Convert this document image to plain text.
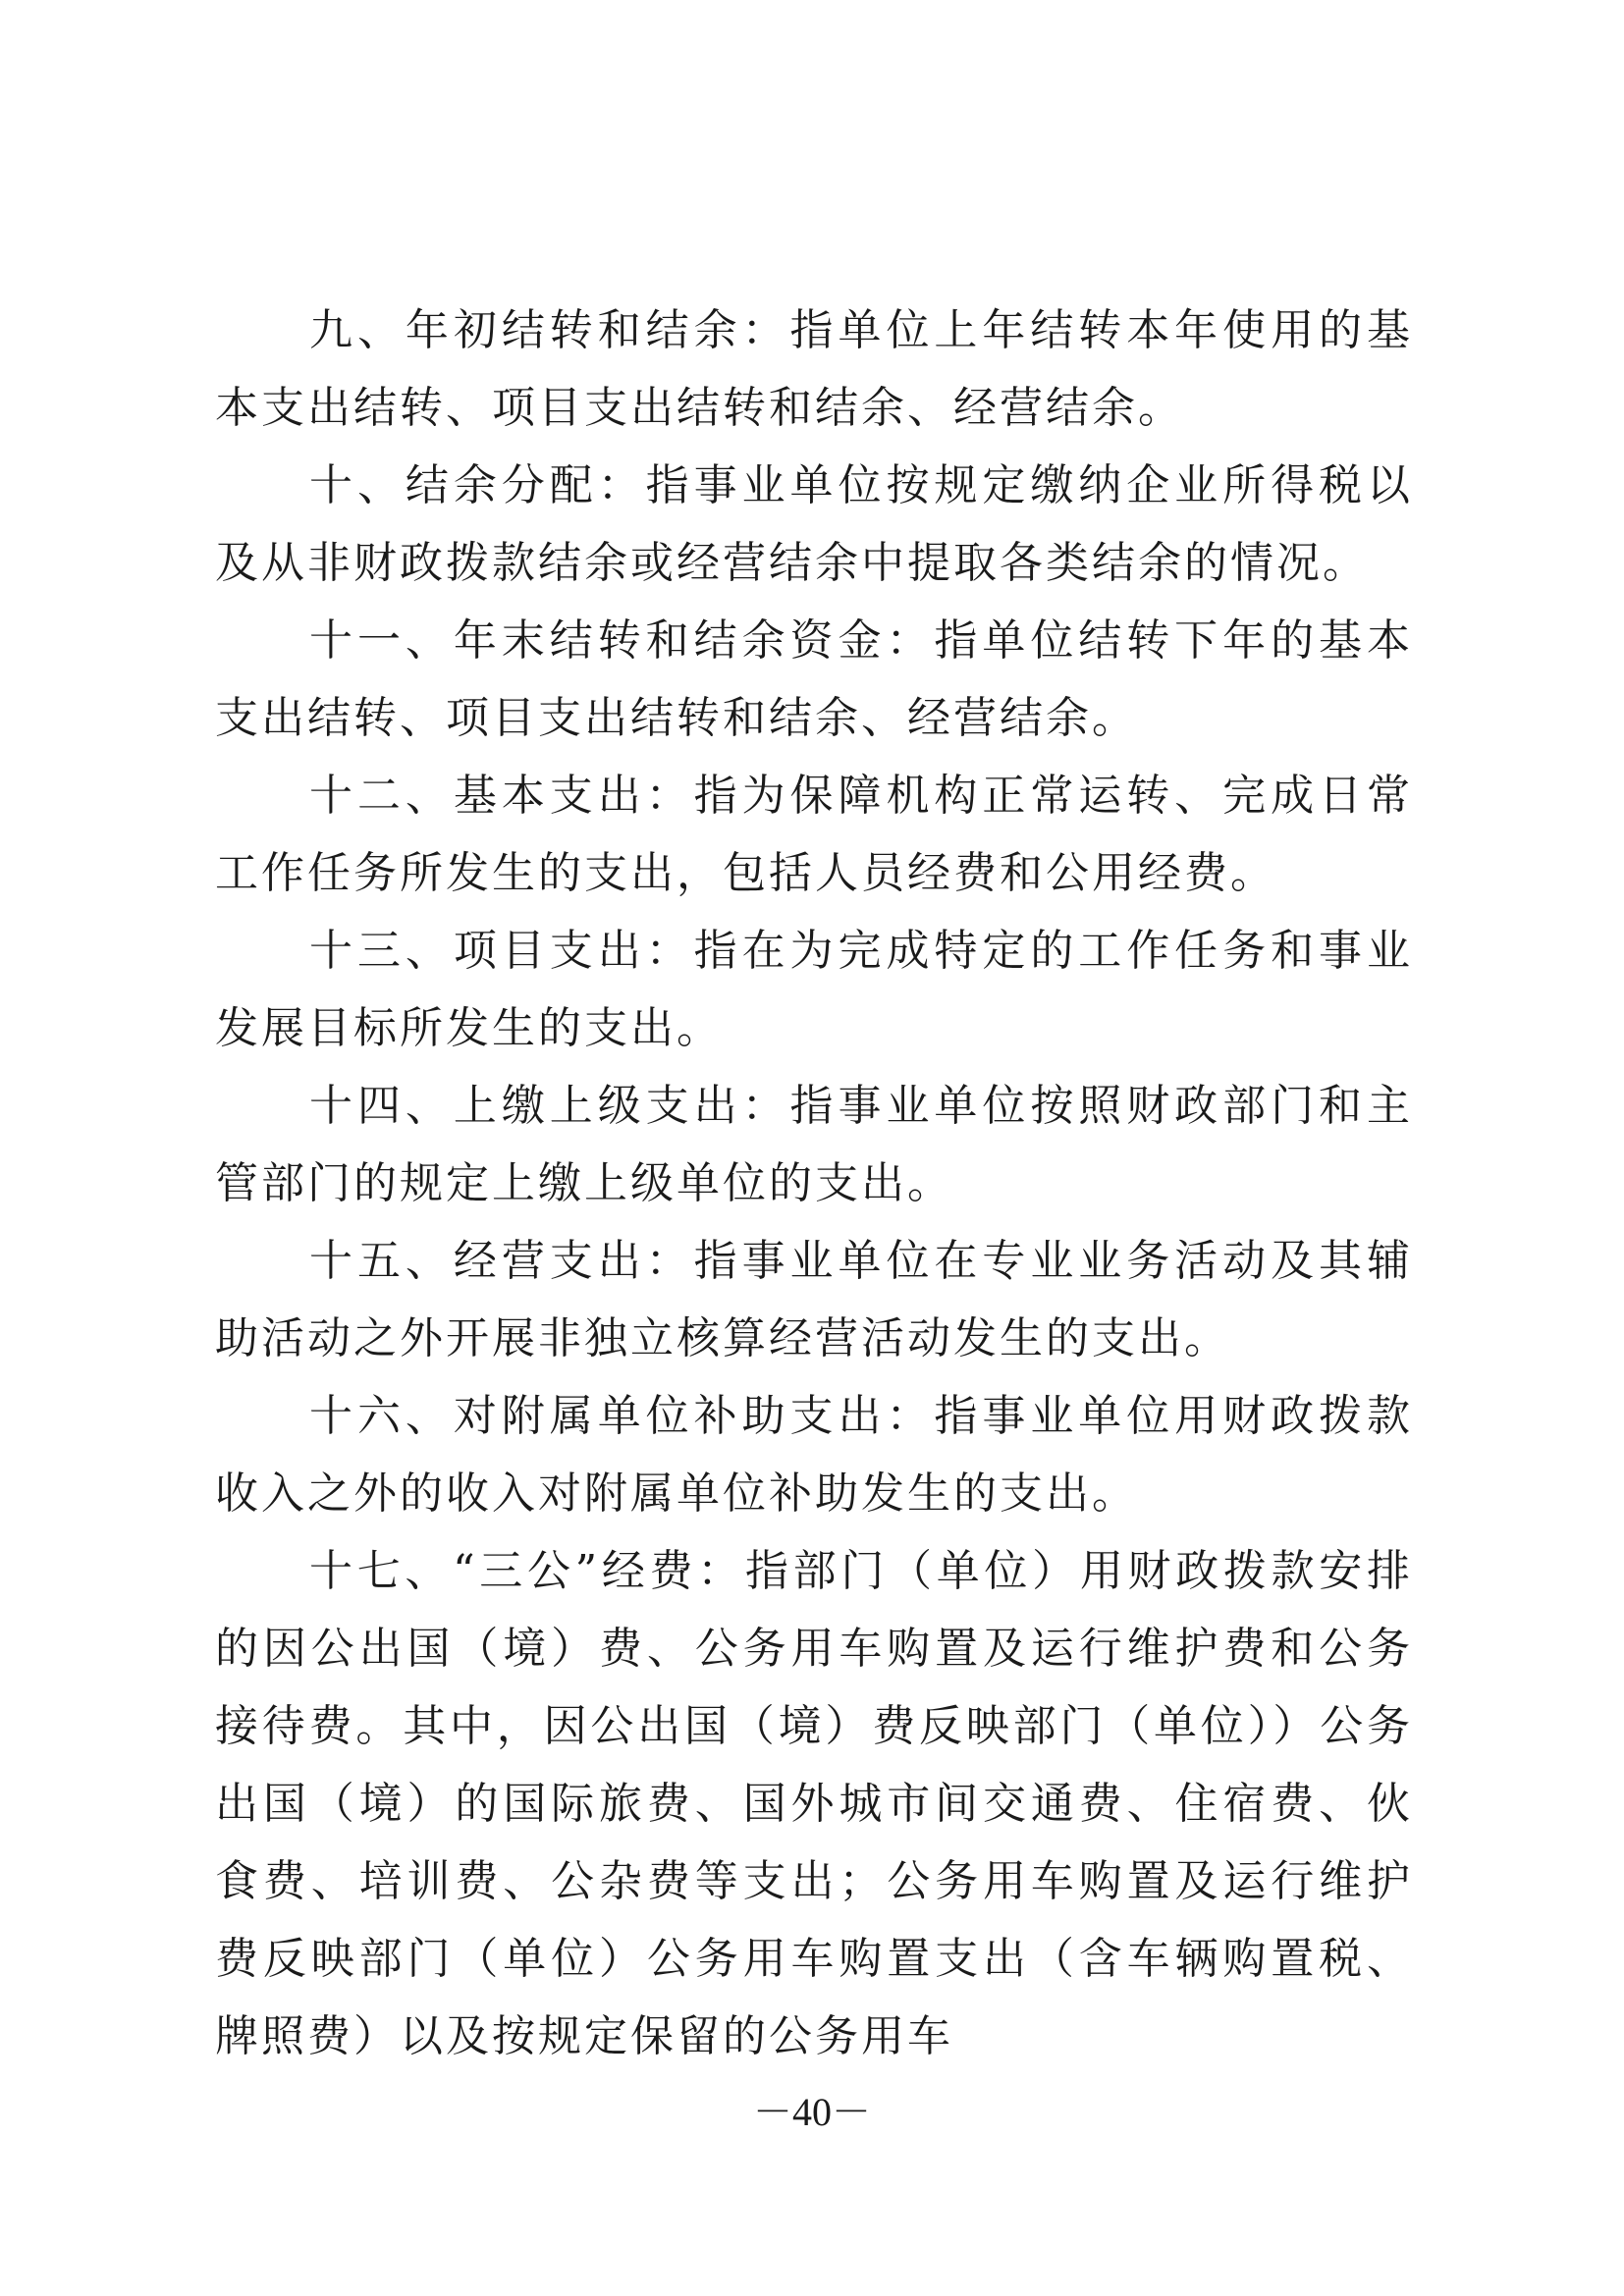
九、年初结转和结余：指单位上年结转本年使用的基本支出结转、项目支出结转和结余、经营结余。

十、结余分配：指事业单位按规定缴纳企业所得税以及从非财政拨款结余或经营结余中提取各类结余的情况。

十一、年末结转和结余资金：指单位结转下年的基本支出结转、项目支出结转和结余、经营结余。

十二、基本支出：指为保障机构正常运转、完成日常工作任务所发生的支出，包括人员经费和公用经费。

十三、项目支出：指在为完成特定的工作任务和事业发展目标所发生的支出。

十四、上缴上级支出：指事业单位按照财政部门和主管部门的规定上缴上级单位的支出。

十五、经营支出：指事业单位在专业业务活动及其辅助活动之外开展非独立核算经营活动发生的支出。

十六、对附属单位补助支出：指事业单位用财政拨款收入之外的收入对附属单位补助发生的支出。

十七、“三公”经费：指部门（单位）用财政拨款安排的因公出国（境）费、公务用车购置及运行维护费和公务接待费。其中，因公出国（境）费反映部门（单位））公务出国（境）的国际旅费、国外城市间交通费、住宿费、伙食费、培训费、公杂费等支出；公务用车购置及运行维护费反映部门（单位）公务用车购置支出（含车辆购置税、牌照费）以及按规定保留的公务用车

－40－
